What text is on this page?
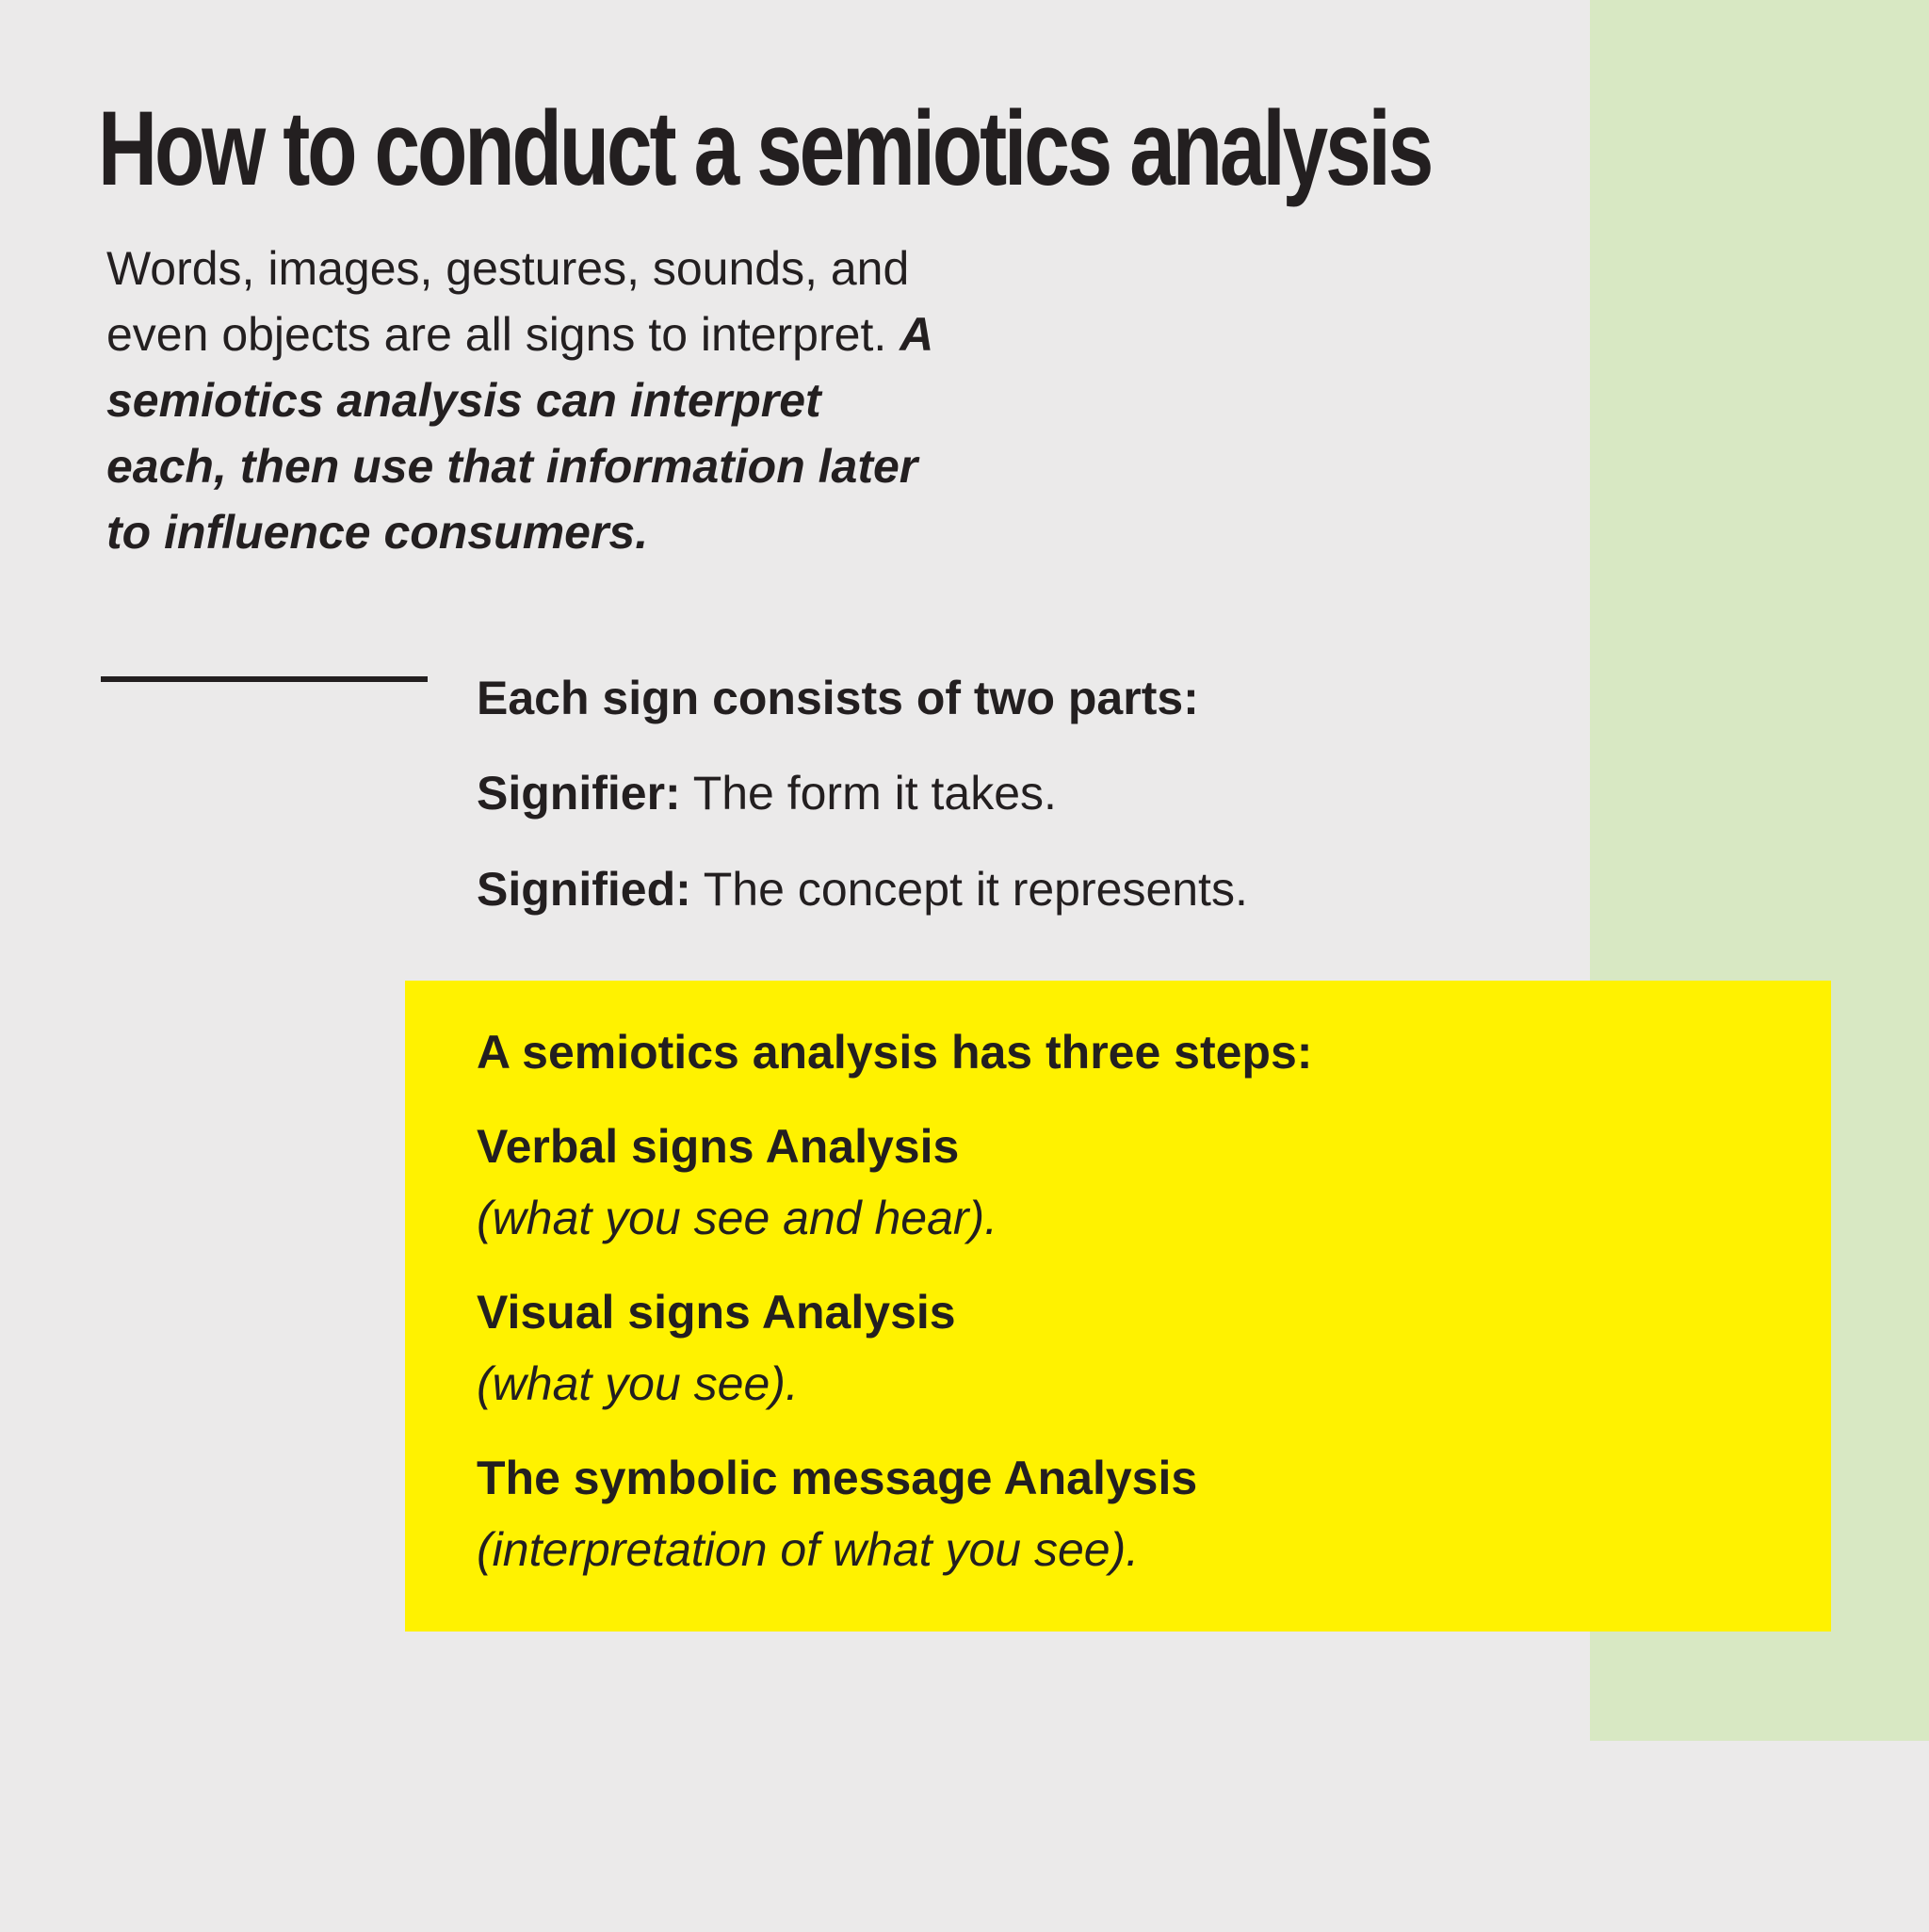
How to conduct a semiotics analysis

Words, images, gestures, sounds, and even objects are all signs to interpret. A semiotics analysis can interpret each, then use that information later to influence consumers.

Each sign consists of two parts:

Signifier: The form it takes.

Signified: The concept it represents.

A semiotics analysis has three steps:

Verbal signs Analysis

(what you see and hear).

Visual signs Analysis

(what you see).

The symbolic message Analysis

(interpretation of what you see).
